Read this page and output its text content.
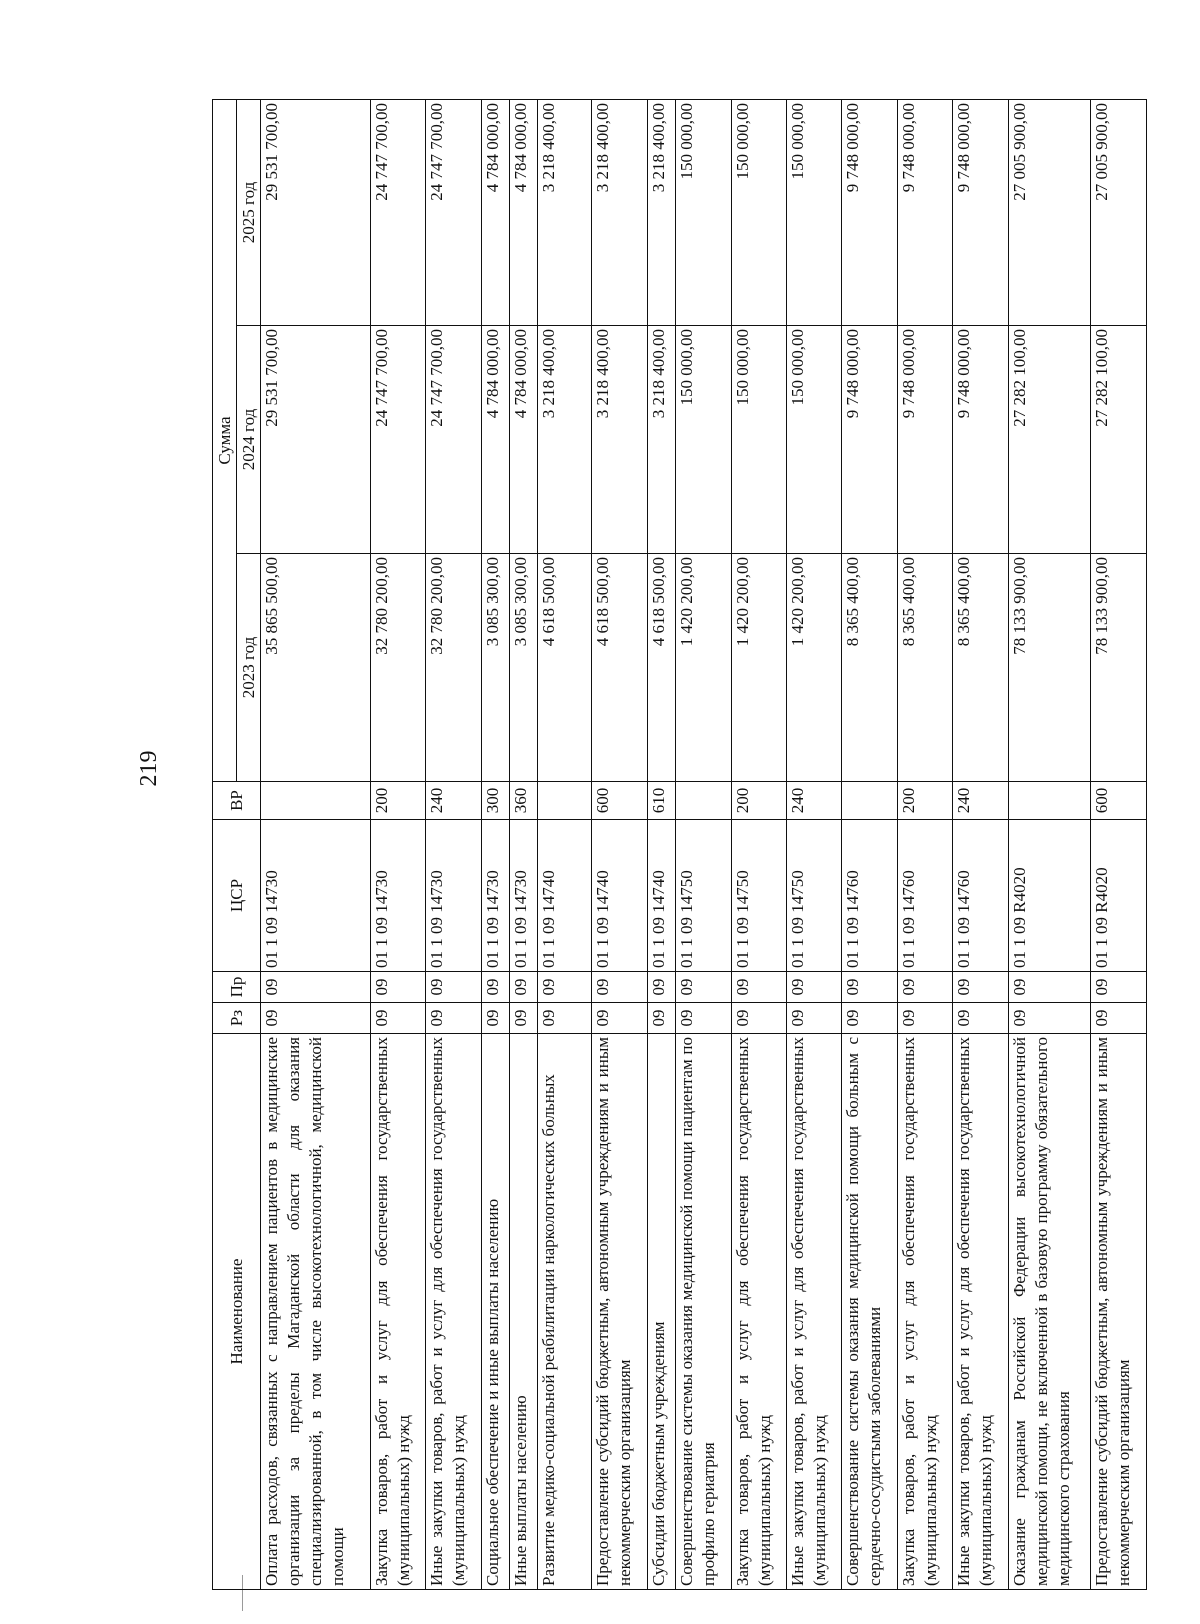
219
Наименование	Рз	Пр	ЦСР	ВР	Сумма		
					2023 год	2024 год	2025 год
Оплата расходов, связанных с направлением пациентов в медицинские организации за пределы Магаданской области для оказания специализированной, в том числе высокотехнологичной, медицинской помощи	09	09	01 1 09 14730		35 865 500,00	29 531 700,00	29 531 700,00
Закупка товаров, работ и услуг для обеспечения государственных (муниципальных) нужд	09	09	01 1 09 14730	200	32 780 200,00	24 747 700,00	24 747 700,00
Иные закупки товаров, работ и услуг для обеспечения государственных (муниципальных) нужд	09	09	01 1 09 14730	240	32 780 200,00	24 747 700,00	24 747 700,00
Социальное обеспечение и иные выплаты населению	09	09	01 1 09 14730	300	3 085 300,00	4 784 000,00	4 784 000,00
Иные выплаты населению	09	09	01 1 09 14730	360	3 085 300,00	4 784 000,00	4 784 000,00
Развитие медико-социальной реабилитации наркологических больных	09	09	01 1 09 14740		4 618 500,00	3 218 400,00	3 218 400,00
Предоставление субсидий бюджетным, автономным учреждениям и иным некоммерческим организациям	09	09	01 1 09 14740	600	4 618 500,00	3 218 400,00	3 218 400,00
Субсидии бюджетным учреждениям	09	09	01 1 09 14740	610	4 618 500,00	3 218 400,00	3 218 400,00
Совершенствование системы оказания медицинской помощи пациентам по профилю гериатрия	09	09	01 1 09 14750		1 420 200,00	150 000,00	150 000,00
Закупка товаров, работ и услуг для обеспечения государственных (муниципальных) нужд	09	09	01 1 09 14750	200	1 420 200,00	150 000,00	150 000,00
Иные закупки товаров, работ и услуг для обеспечения государственных (муниципальных) нужд	09	09	01 1 09 14750	240	1 420 200,00	150 000,00	150 000,00
Совершенствование системы оказания медицинской помощи больным с сердечно-сосудистыми заболеваниями	09	09	01 1 09 14760		8 365 400,00	9 748 000,00	9 748 000,00
Закупка товаров, работ и услуг для обеспечения государственных (муниципальных) нужд	09	09	01 1 09 14760	200	8 365 400,00	9 748 000,00	9 748 000,00
Иные закупки товаров, работ и услуг для обеспечения государственных (муниципальных) нужд	09	09	01 1 09 14760	240	8 365 400,00	9 748 000,00	9 748 000,00
Оказание гражданам Российской Федерации высокотехнологичной медицинской помощи, не включенной в базовую программу обязательного медицинского страхования	09	09	01 1 09 R4020		78 133 900,00	27 282 100,00	27 005 900,00
Предоставление субсидий бюджетным, автономным учреждениям и иным некоммерческим организациям	09	09	01 1 09 R4020	600	78 133 900,00	27 282 100,00	27 005 900,00
